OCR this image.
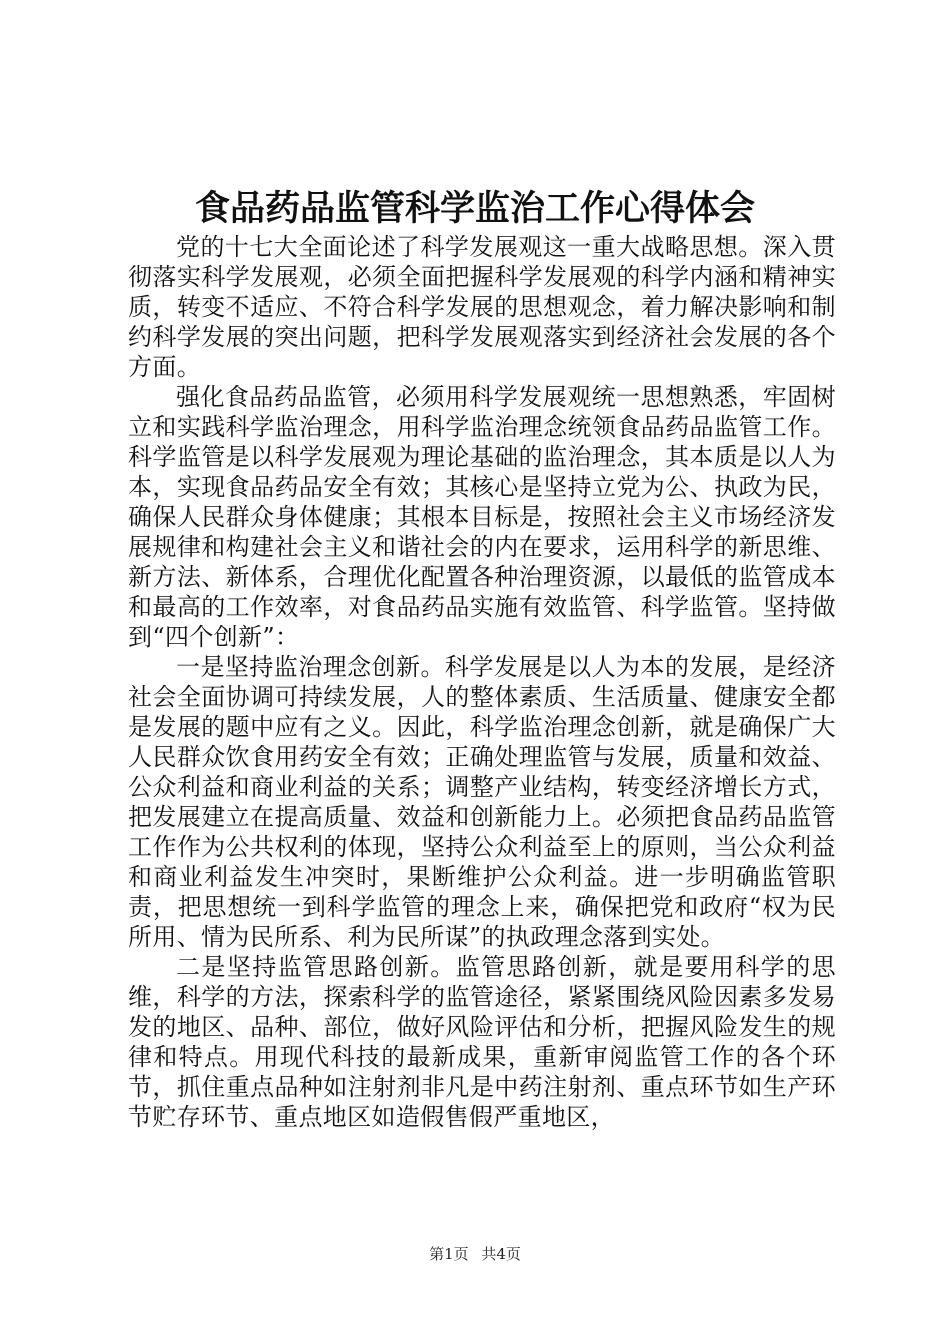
食品药品监管科学监治工作心得体会

党的十七大全面论述了科学发展观这一重大战略思想。深入贯彻落实科学发展观，必须全面把握科学发展观的科学内涵和精神实质，转变不适应、不符合科学发展的思想观念，着力解决影响和制约科学发展的突出问题，把科学发展观落实到经济社会发展的各个方面。

强化食品药品监管，必须用科学发展观统一思想熟悉，牢固树立和实践科学监治理念，用科学监治理念统领食品药品监管工作。科学监管是以科学发展观为理论基础的监治理念，其本质是以人为本，实现食品药品安全有效；其核心是坚持立党为公、执政为民，确保人民群众身体健康；其根本目标是，按照社会主义市场经济发展规律和构建社会主义和谐社会的内在要求，运用科学的新思维、新方法、新体系，合理优化配置各种治理资源，以最低的监管成本和最高的工作效率，对食品药品实施有效监管、科学监管。坚持做到“四个创新”：

一是坚持监治理念创新。科学发展是以人为本的发展，是经济社会全面协调可持续发展，人的整体素质、生活质量、健康安全都是发展的题中应有之义。因此，科学监治理念创新，就是确保广大人民群众饮食用药安全有效；正确处理监管与发展，质量和效益、公众利益和商业利益的关系；调整产业结构，转变经济增长方式，把发展建立在提高质量、效益和创新能力上。必须把食品药品监管工作作为公共权利的体现，坚持公众利益至上的原则，当公众利益和商业利益发生冲突时，果断维护公众利益。进一步明确监管职责，把思想统一到科学监管的理念上来，确保把党和政府“权为民所用、情为民所系、利为民所谋”的执政理念落到实处。

二是坚持监管思路创新。监管思路创新，就是要用科学的思维，科学的方法，探索科学的监管途径，紧紧围绕风险因素多发易发的地区、品种、部位，做好风险评估和分析，把握风险发生的规律和特点。用现代科技的最新成果，重新审阅监管工作的各个环节，抓住重点品种如注射剂非凡是中药注射剂、重点环节如生产环节贮存环节、重点地区如造假售假严重地区，

第1页 共4页
